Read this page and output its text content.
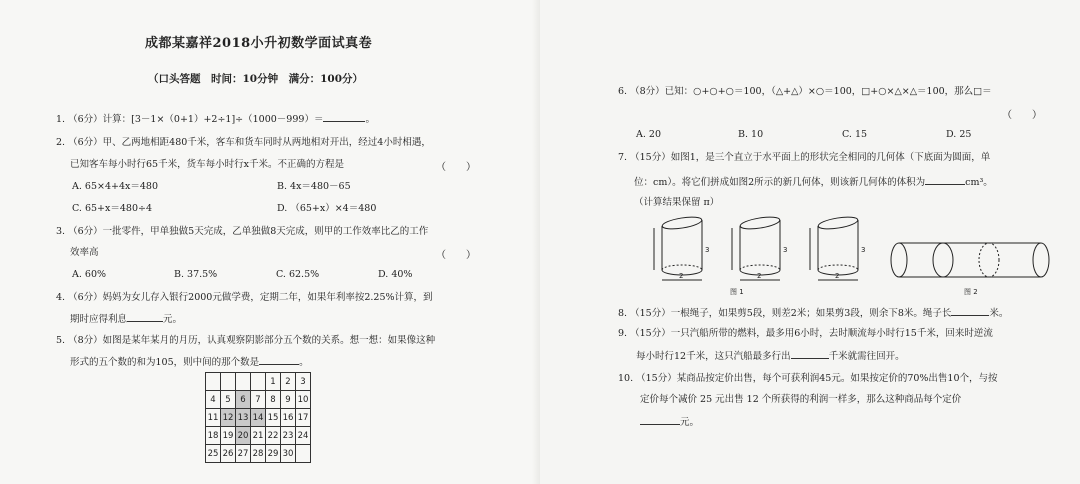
成都某嘉祥2018小升初数学面试真卷
（口头答题　时间：10分钟　满分：100分）
1. （6分）计算：[3－1×（0+1）+2÷1]÷（1000－999）＝	。
2. （6分）甲、乙两地相距480千米，客车和货车同时从两地相对开出，经过4小时相遇，
已知客车每小时行65千米，货车每小时行x千米。不正确的方程是	（　　）
A. 65×4+4x＝480	B. 4x＝480－65
C. 65+x＝480÷4	D. （65+x）×4＝480
3. （6分）一批零件，甲单独做5天完成，乙单独做8天完成，则甲的工作效率比乙的工作
效率高	（　　）
A. 60%	B. 37.5%	C. 62.5%	D. 40%
4. （6分）妈妈为女儿存入银行2000元做学费，定期二年，如果年利率按2.25%计算，到
期时应得利息	元。
5. （8分）如图是某年某月的月历，认真观察阴影部分五个数的关系。想一想：如果像这种
形式的五个数的和为105，则中间的那个数是	。
				1	2	3
4	5	6	7	8	9	10
11	12	13	14	15	16	17
18	19	20	21	22	23	24
25	26	27	28	29	30	
6. （8分）已知：○+○+○＝100，（△+△）×○＝100，□+○×△×△＝100，那么□＝
（　　）
A. 20	B. 10	C. 15	D. 25
7. （15分）如图1，是三个直立于水平面上的形状完全相同的几何体（下底面为圆面，单
位：cm）。将它们拼成如图2所示的新几何体，则该新几何体的体积为	cm³。
（计算结果保留 π）
2
3
2
3
2
3
图 1	图 2
8. （15分）一根绳子，如果剪5段，则差2米；如果剪3段，则余下8米。绳子长	米。
9. （15分）一只汽船所带的燃料，最多用6小时，去时顺流每小时行15千米，回来时逆流
每小时行12千米，这只汽船最多行出	千米就需往回开。
10. （15分）某商品按定价出售，每个可获利润45元。如果按定价的70%出售10个，与按
定价每个减价 25 元出售 12 个所获得的利润一样多，那么这种商品每个定价
元。
